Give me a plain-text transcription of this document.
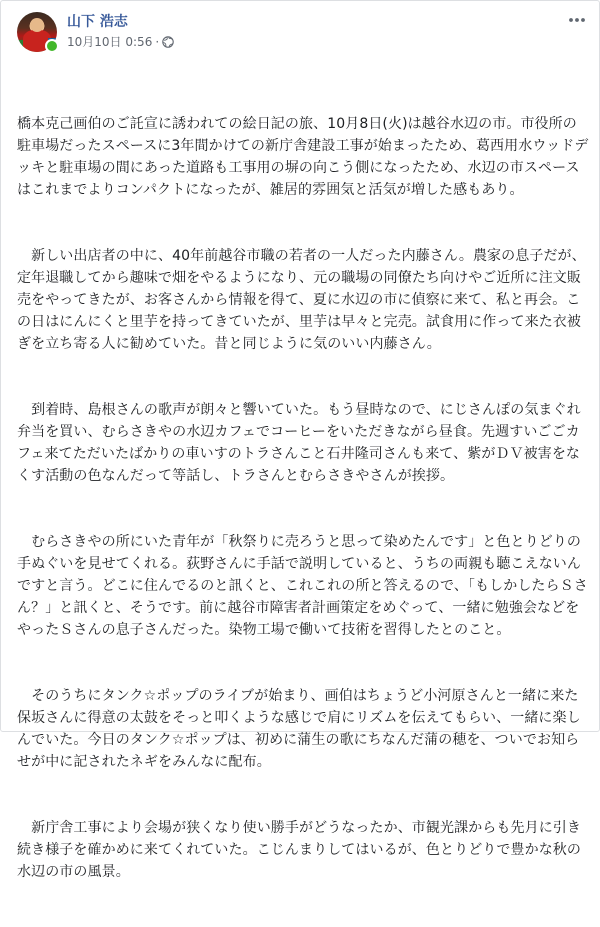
山下 浩志
10月10日
0:56 ·

橋本克己画伯のご託宣に誘われての絵日記の旅、10月8日(火)は越谷水辺の市。市役所の駐車場だったスペースに3年間かけての新庁舎建設工事が始まったため、葛西用水ウッドデッキと駐車場の間にあった道路も工事用の塀の向こう側になったため、水辺の市スペースはこれまでよりコンパクトになったが、雑居的雰囲気と活気が増した感もあり。

　新しい出店者の中に、40年前越谷市職の若者の一人だった内藤さん。農家の息子だが、定年退職してから趣味で畑をやるようになり、元の職場の同僚たち向けやご近所に注文販売をやってきたが、お客さんから情報を得て、夏に水辺の市に偵察に来て、私と再会。この日はにんにくと里芋を持ってきていたが、里芋は早々と完売。試食用に作って来た衣被ぎを立ち寄る人に勧めていた。昔と同じように気のいい内藤さん。

　到着時、島根さんの歌声が朗々と響いていた。もう昼時なので、にじさんぽの気まぐれ弁当を買い、むらさきやの水辺カフェでコーヒーをいただきながら昼食。先週すいごごカフェ来てただいたばかりの車いすのトラさんこと石井隆司さんも来て、紫がＤＶ被害をなくす活動の色なんだって等話し、トラさんとむらさきやさんが挨拶。

　むらさきやの所にいた青年が「秋祭りに売ろうと思って染めたんです」と色とりどりの手ぬぐいを見せてくれる。荻野さんに手話で説明していると、うちの両親も聴こえないんですと言う。どこに住んでるのと訊くと、これこれの所と答えるので、「もしかしたらＳさん？」と訊くと、そうです。前に越谷市障害者計画策定をめぐって、一緒に勉強会などをやったＳさんの息子さんだった。染物工場で働いて技術を習得したとのこと。

　そのうちにタンク☆ポップのライブが始まり、画伯はちょうど小河原さんと一緒に来た保坂さんに得意の太鼓をそっと叩くような感じで肩にリズムを伝えてもらい、一緒に楽しんでいた。今日のタンク☆ポップは、初めに蒲生の歌にちなんだ蒲の穂を、ついでお知らせが中に記されたネギをみんなに配布。

　新庁舎工事により会場が狭くなり使い勝手がどうなったか、市観光課からも先月に引き続き様子を確かめに来てくれていた。こじんまりしてはいるが、色とりどりで豊かな秋の水辺の市の風景。
